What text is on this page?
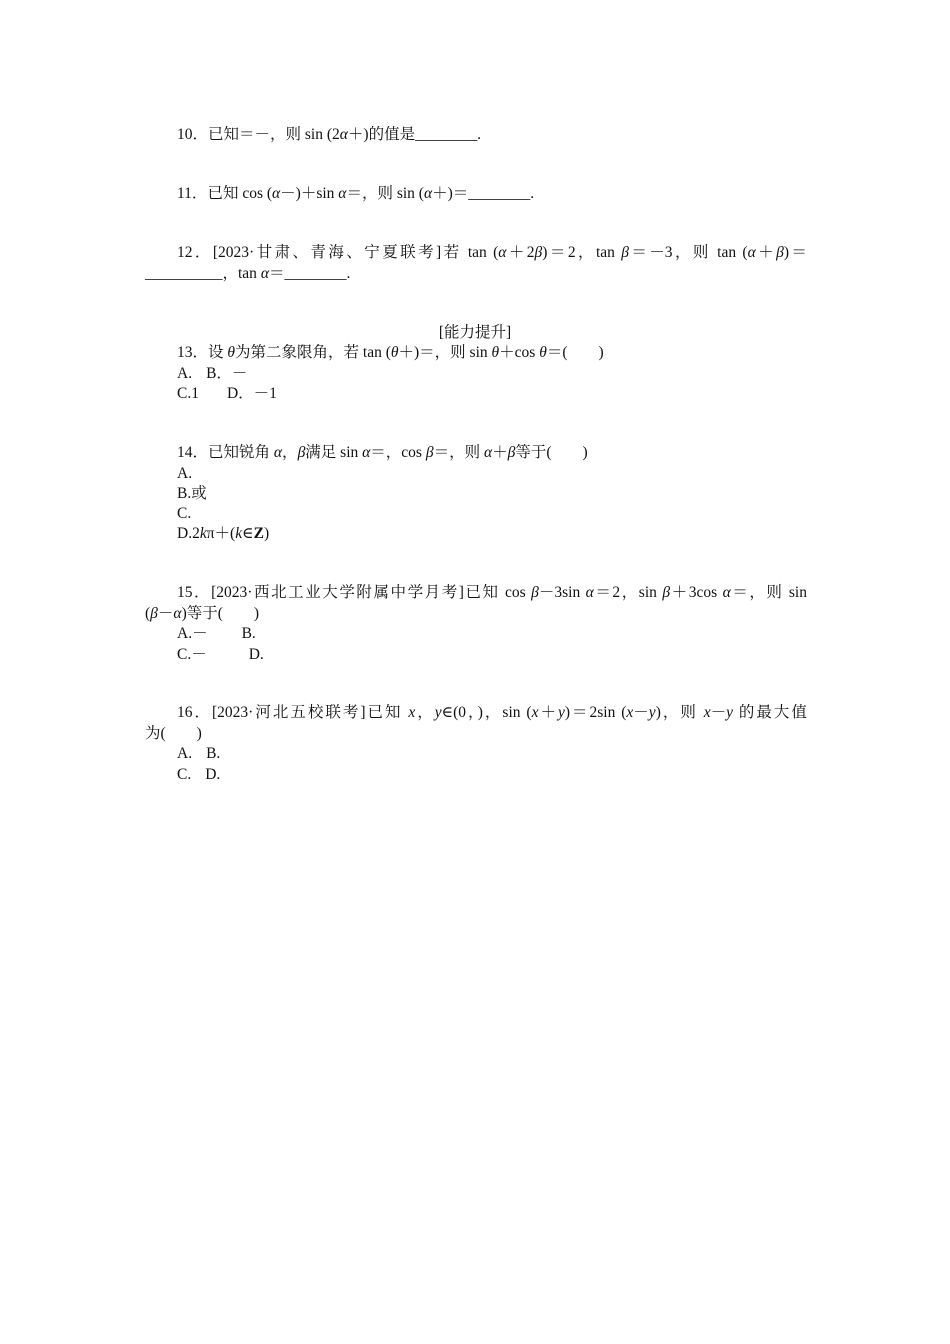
10．已知＝－，则 sin (2α＋)的值是________.
11．已知 cos (α－)＋sin α＝，则 sin (α＋)＝________.
12．[2023·甘肃、青海、宁夏联考]若 tan (α＋2β)＝2，tan β＝－3，则 tan (α＋β)＝
__________，tan α＝________.
[能力提升]
13．设 θ为第二象限角，若 tan (θ＋)＝，则 sin θ＋cos θ＝(　　)
A. B．－
C.1 D．－1
14．已知锐角 α，β满足 sin α＝，cos β＝，则 α＋β等于(　　)
A.
B.或
C.
D.2kπ＋(k∈Z)
15．[2023·西北工业大学附属中学月考]已知 cos β－3sin α＝2，sin β＋3cos α＝，则 sin
(β－α)等于(　　)
A.－ B.
C.－	D.
16．[2023·河北五校联考]已知 x，y∈(0，)，sin (x＋y)＝2sin (x－y)，则 x－y 的最大值
为(　　)
A. B.
C. D.
